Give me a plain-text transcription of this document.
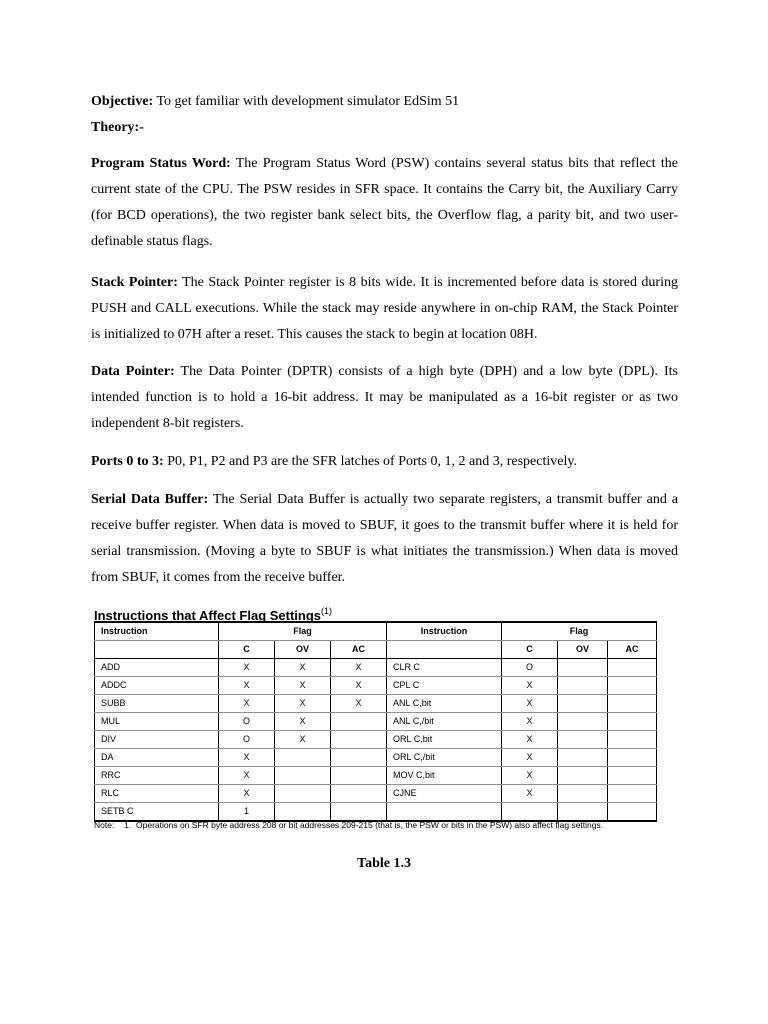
Objective: To get familiar with development simulator EdSim 51

Theory:-

Program Status Word: The Program Status Word (PSW) contains several status bits that reflect the current state of the CPU. The PSW resides in SFR space. It contains the Carry bit, the Auxiliary Carry (for BCD operations), the two register bank select bits, the Overflow flag, a parity bit, and two user-definable status flags.

Stack Pointer: The Stack Pointer register is 8 bits wide. It is incremented before data is stored during PUSH and CALL executions. While the stack may reside anywhere in on-chip RAM, the Stack Pointer is initialized to 07H after a reset. This causes the stack to begin at location 08H.

Data Pointer: The Data Pointer (DPTR) consists of a high byte (DPH) and a low byte (DPL). Its intended function is to hold a 16-bit address. It may be manipulated as a 16-bit register or as two independent 8-bit registers.

Ports 0 to 3: P0, P1, P2 and P3 are the SFR latches of Ports 0, 1, 2 and 3, respectively.

Serial Data Buffer: The Serial Data Buffer is actually two separate registers, a transmit buffer and a receive buffer register. When data is moved to SBUF, it goes to the transmit buffer where it is held for serial transmission. (Moving a byte to SBUF is what initiates the transmission.) When data is moved from SBUF, it comes from the receive buffer.

Instructions that Affect Flag Settings$^{(1)}$
Instruction	Flag			Instruction	Flag		
	C	OV	AC		C	OV	AC
ADD	X	X	X	CLR C	O		
ADDC	X	X	X	CPL C	X		
SUBB	X	X	X	ANL C,bit	X		
MUL	O	X		ANL C,/bit	X		
DIV	O	X		ORL C,bit	X		
DA	X			ORL C,/bit	X		
RRC	X			MOV C,bit	X		
RLC	X			CJNE	X		
SETB C	1						
Note: 1. Operations on SFR byte address 208 or bit addresses 209-215 (that is, the PSW or bits in the PSW) also affect flag settings.
Table 1.3
